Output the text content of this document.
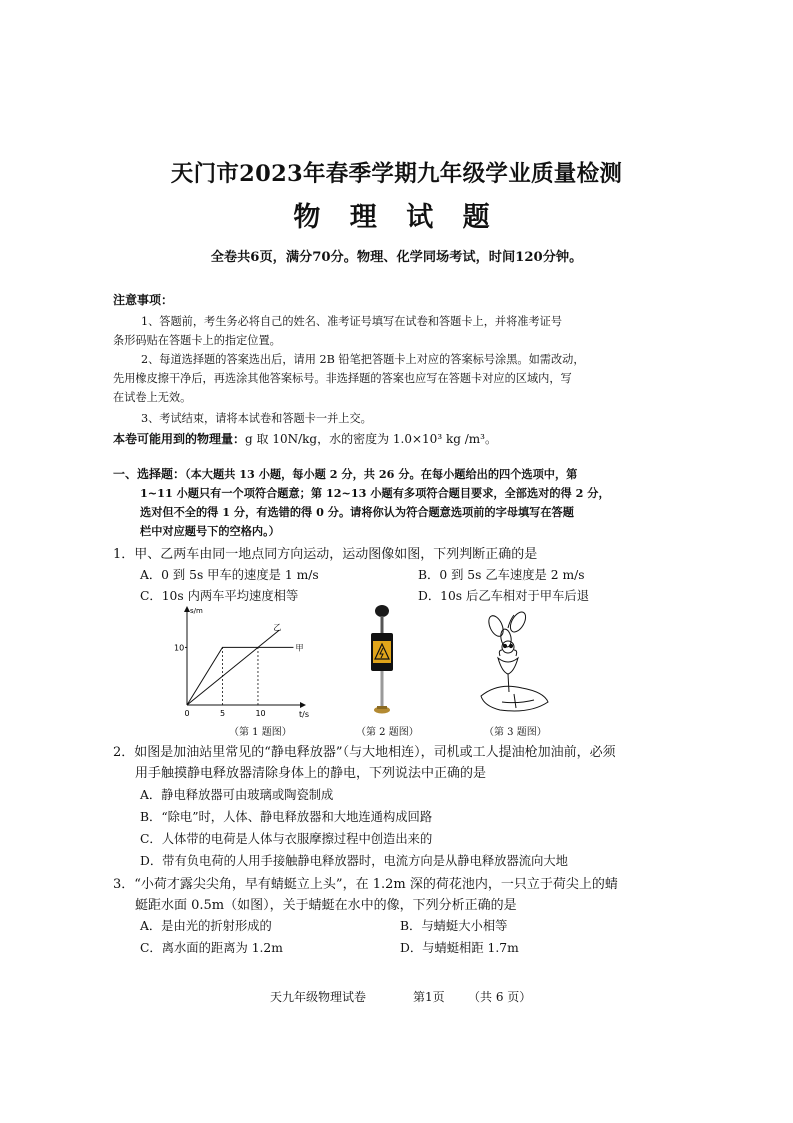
天门市2023年春季学期九年级学业质量检测
物 理 试 题
全卷共6页，满分70分。物理、化学同场考试，时间120分钟。
注意事项：
1、答题前，考生务必将自己的姓名、准考证号填写在试卷和答题卡上，并将准考证号
条形码贴在答题卡上的指定位置。
2、每道选择题的答案选出后，请用 2B 铅笔把答题卡上对应的答案标号涂黑。如需改动，
先用橡皮擦干净后，再选涂其他答案标号。非选择题的答案也应写在答题卡对应的区域内，写
在试卷上无效。
3、考试结束，请将本试卷和答题卡一并上交。
本卷可能用到的物理量：g 取 10N/kg，水的密度为 1.0×10³ kg /m³。
一、选择题：（本大题共 13 小题，每小题 2 分，共 26 分。在每小题给出的四个选项中，第
1~11 小题只有一个项符合题意；第 12~13 小题有多项符合题目要求，全部选对的得 2 分，
选对但不全的得 1 分，有选错的得 0 分。请将你认为符合题意选项前的字母填写在答题
栏中对应题号下的空格内。）
1．甲、乙两车由同一地点同方向运动，运动图像如图，下列判断正确的是
A．0 到 5s 甲车的速度是 1 m/s	B．0 到 5s 乙车速度是 2 m/s
C．10s 内两车平均速度相等	D．10s 后乙车相对于甲车后退
s/m
t/s
0	5	10
10	甲
乙
（第 1 题图）	（第 2 题图）	（第 3 题图）
2．如图是加油站里常见的“静电释放器”（与大地相连），司机或工人提油枪加油前，必须
用手触摸静电释放器清除身体上的静电，下列说法中正确的是
A．静电释放器可由玻璃或陶瓷制成
B．“除电”时，人体、静电释放器和大地连通构成回路
C．人体带的电荷是人体与衣服摩擦过程中创造出来的
D．带有负电荷的人用手接触静电释放器时，电流方向是从静电释放器流向大地
3．“小荷才露尖尖角，早有蜻蜓立上头”，在 1.2m 深的荷花池内，一只立于荷尖上的蜻
蜓距水面 0.5m（如图），关于蜻蜓在水中的像，下列分析正确的是
A．是由光的折射形成的	B．与蜻蜓大小相等
C．离水面的距离为 1.2m	D．与蜻蜓相距 1.7m
天九年级物理试卷	第1页 （共 6 页）
